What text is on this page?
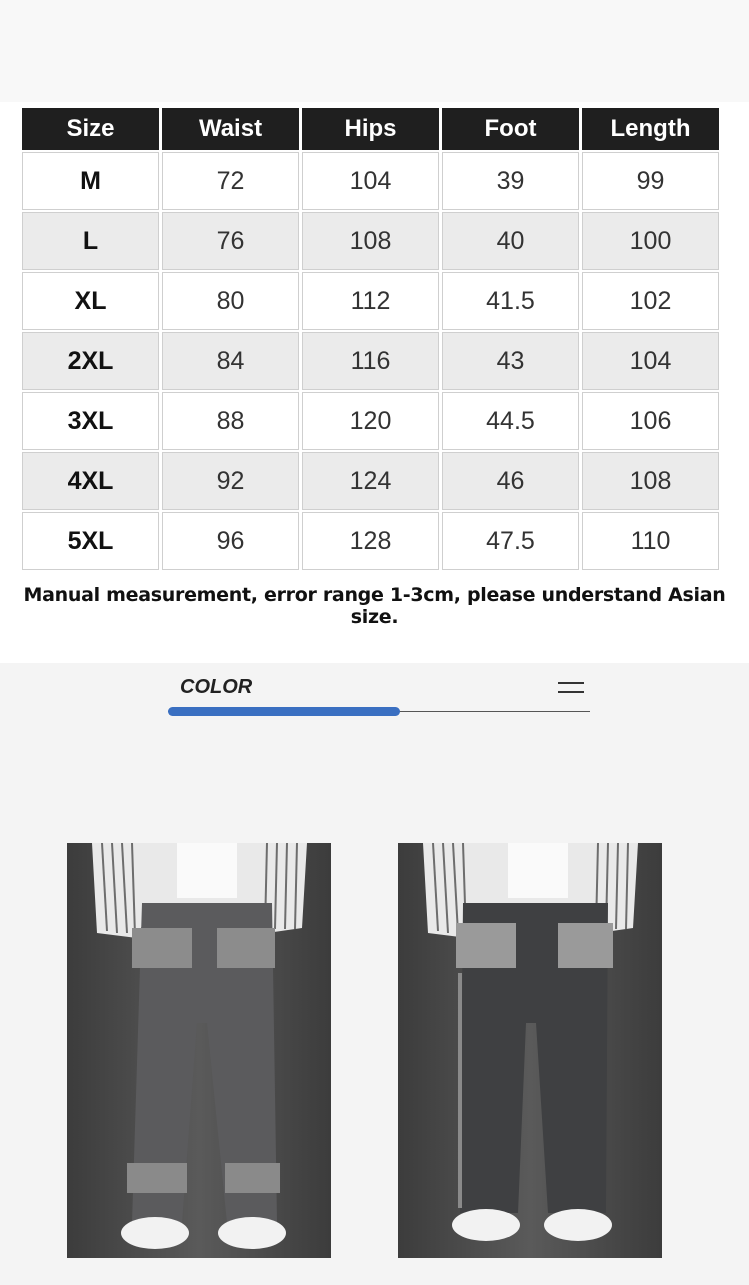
Size	Waist	Hips	Foot	Length
M	72	104	39	99
L	76	108	40	100
XL	80	112	41.5	102
2XL	84	116	43	104
3XL	88	120	44.5	106
4XL	92	124	46	108
5XL	96	128	47.5	110
Manual measurement, error range 1-3cm, please understand Asian size.
COLOR
